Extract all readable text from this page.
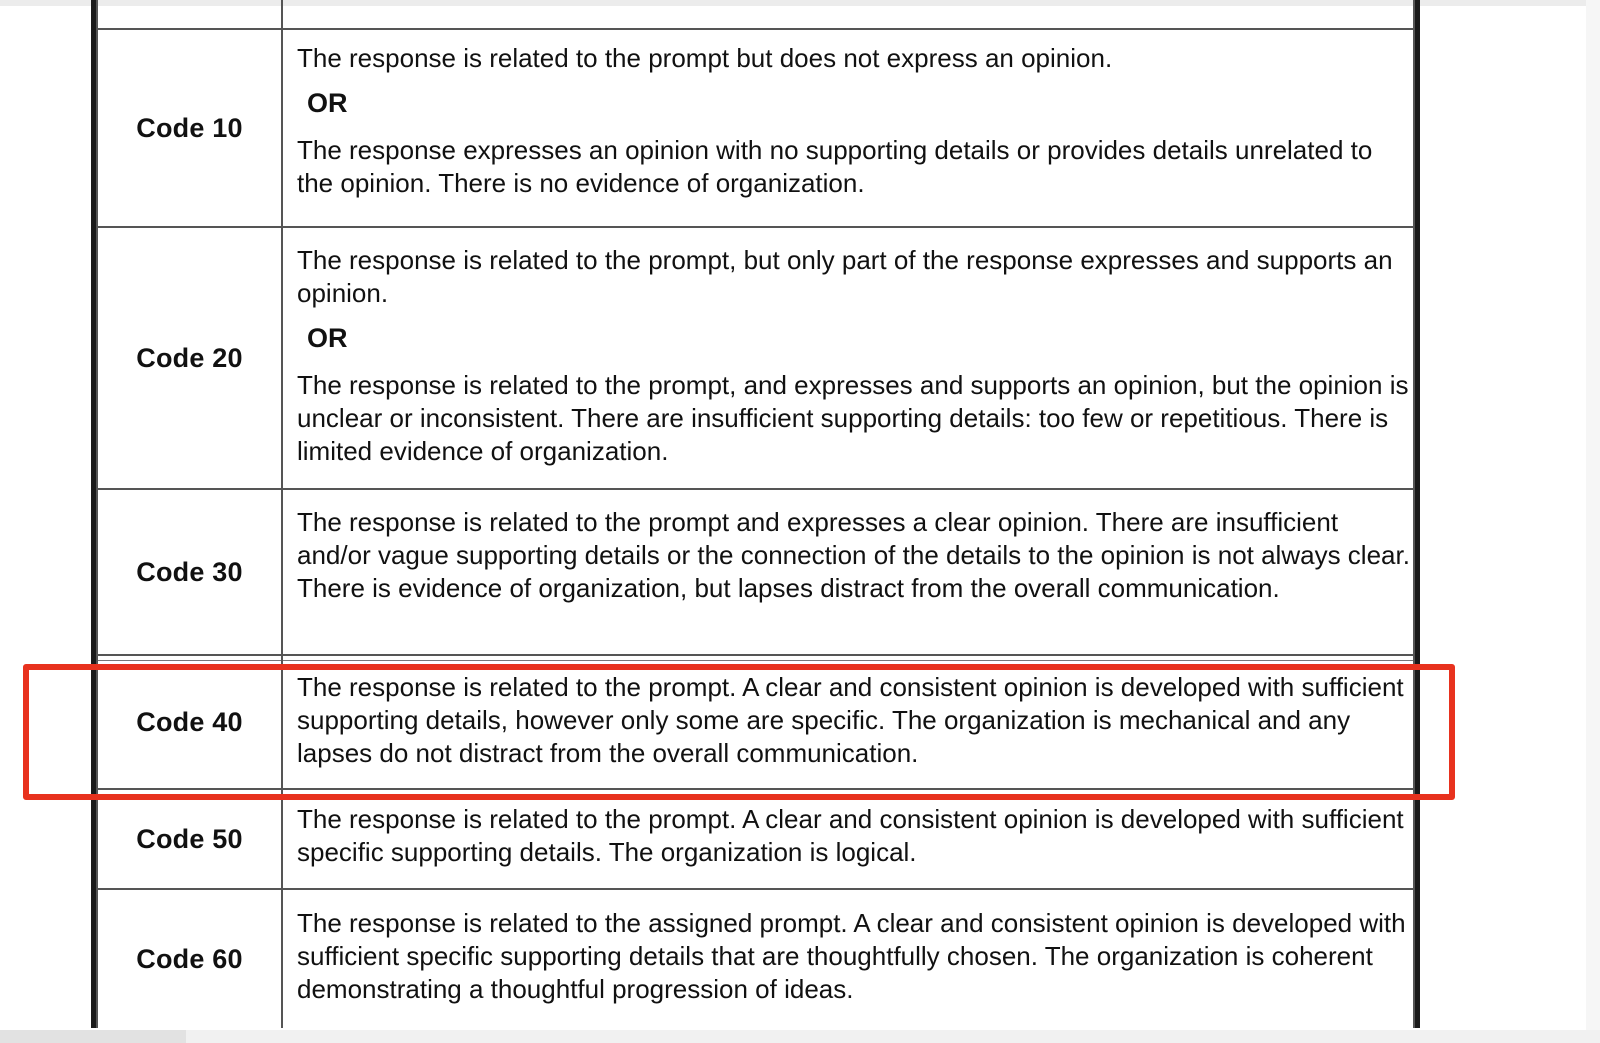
Code 10

The response is related to the prompt but does not express an opinion.

OR

The response expresses an opinion with no supporting details or provides details unrelated to the opinion. There is no evidence of organization.

Code 20

The response is related to the prompt, but only part of the response expresses and supports an opinion.

OR

The response is related to the prompt, and expresses and supports an opinion, but the opinion is unclear or inconsistent. There are insufficient supporting details: too few or repetitious. There is limited evidence of organization.

Code 30

The response is related to the prompt and expresses a clear opinion. There are insufficient and/or vague supporting details or the connection of the details to the opinion is not always clear. There is evidence of organization, but lapses distract from the overall communication.

Code 40

The response is related to the prompt. A clear and consistent opinion is developed with sufficient supporting details, however only some are specific. The organization is mechanical and any lapses do not distract from the overall communication.

Code 50

The response is related to the prompt. A clear and consistent opinion is developed with sufficient specific supporting details. The organization is logical.

Code 60

The response is related to the assigned prompt. A clear and consistent opinion is developed with sufficient specific supporting details that are thoughtfully chosen. The organization is coherent demonstrating a thoughtful progression of ideas.
